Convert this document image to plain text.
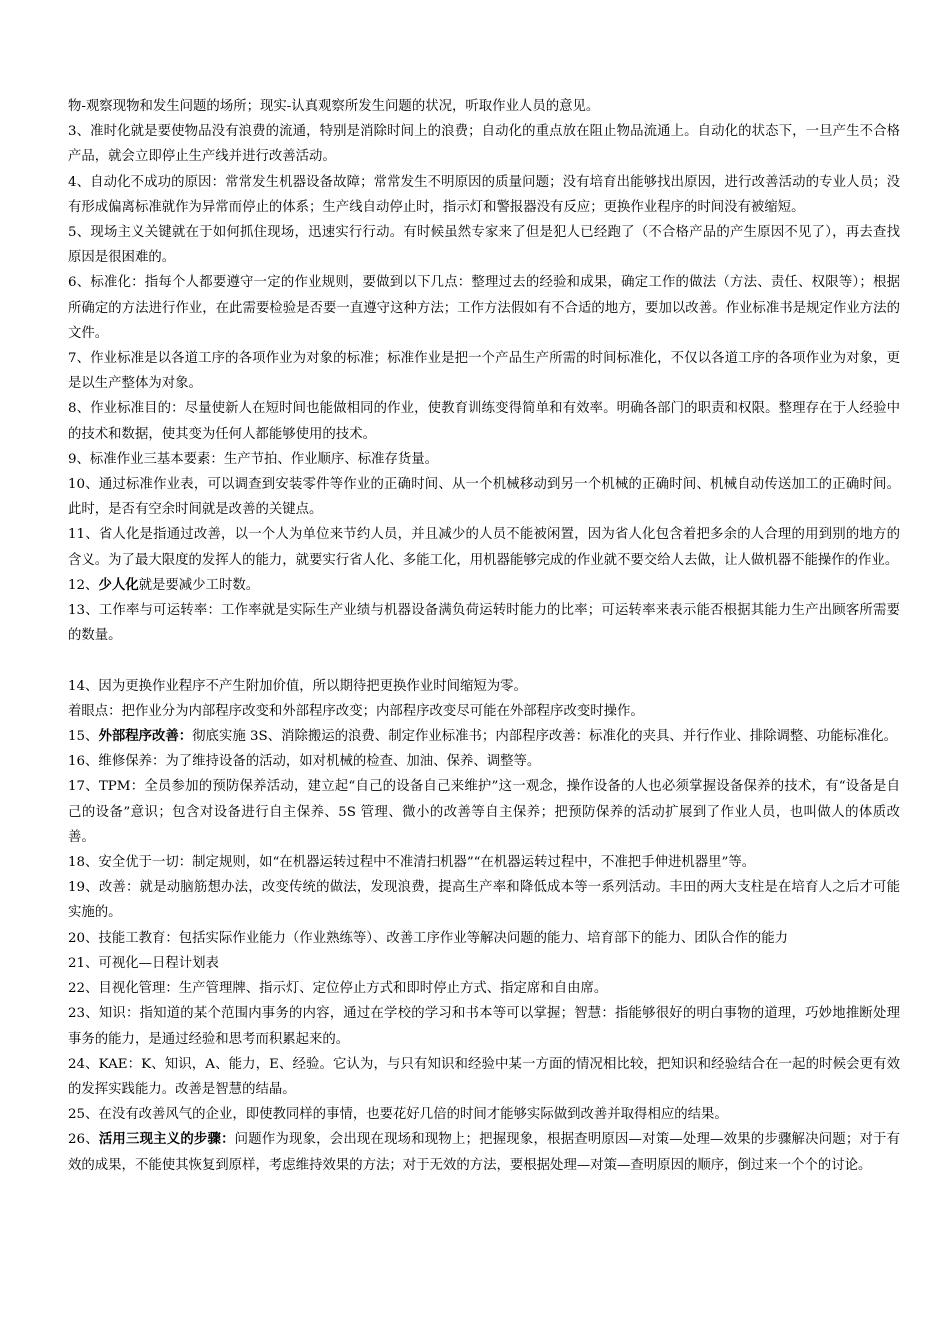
物-观察现物和发生问题的场所；现实-认真观察所发生问题的状况，听取作业人员的意见。

3、准时化就是要使物品没有浪费的流通，特别是消除时间上的浪费；自动化的重点放在阻止物品流通上。自动化的状态下，一旦产生不合格产品，就会立即停止生产线并进行改善活动。

4、自动化不成功的原因：常常发生机器设备故障；常常发生不明原因的质量问题；没有培育出能够找出原因，进行改善活动的专业人员；没有形成偏离标准就作为异常而停止的体系；生产线自动停止时，指示灯和警报器没有反应；更换作业程序的时间没有被缩短。

5、现场主义关键就在于如何抓住现场，迅速实行行动。有时候虽然专家来了但是犯人已经跑了（不合格产品的产生原因不见了），再去查找原因是很困难的。

6、标准化：指每个人都要遵守一定的作业规则，要做到以下几点：整理过去的经验和成果，确定工作的做法（方法、责任、权限等）；根据所确定的方法进行作业，在此需要检验是否要一直遵守这种方法；工作方法假如有不合适的地方，要加以改善。作业标准书是规定作业方法的文件。

7、作业标准是以各道工序的各项作业为对象的标准；标准作业是把一个产品生产所需的时间标准化，不仅以各道工序的各项作业为对象，更是以生产整体为对象。

8、作业标准目的：尽量使新人在短时间也能做相同的作业，使教育训练变得简单和有效率。明确各部门的职责和权限。整理存在于人经验中的技术和数据，使其变为任何人都能够使用的技术。

9、标准作业三基本要素：生产节拍、作业顺序、标准存货量。

10、通过标准作业表，可以调查到安装零件等作业的正确时间、从一个机械移动到另一个机械的正确时间、机械自动传送加工的正确时间。此时，是否有空余时间就是改善的关键点。

11、省人化是指通过改善，以一个人为单位来节约人员，并且减少的人员不能被闲置，因为省人化包含着把多余的人合理的用到别的地方的含义。为了最大限度的发挥人的能力，就要实行省人化、多能工化，用机器能够完成的作业就不要交给人去做，让人做机器不能操作的作业。

12、少人化就是要减少工时数。

13、工作率与可运转率：工作率就是实际生产业绩与机器设备满负荷运转时能力的比率；可运转率来表示能否根据其能力生产出顾客所需要的数量。

14、因为更换作业程序不产生附加价值，所以期待把更换作业时间缩短为零。

着眼点：把作业分为内部程序改变和外部程序改变；内部程序改变尽可能在外部程序改变时操作。

15、外部程序改善：彻底实施 3S、消除搬运的浪费、制定作业标准书；内部程序改善：标准化的夹具、并行作业、排除调整、功能标准化。

16、维修保养：为了维持设备的活动，如对机械的检查、加油、保养、调整等。

17、TPM：全员参加的预防保养活动，建立起“自己的设备自己来维护”这一观念，操作设备的人也必须掌握设备保养的技术，有“设备是自己的设备”意识；包含对设备进行自主保养、5S 管理、微小的改善等自主保养；把预防保养的活动扩展到了作业人员，也叫做人的体质改善。

18、安全优于一切：制定规则，如“在机器运转过程中不准清扫机器”“在机器运转过程中，不准把手伸进机器里”等。

19、改善：就是动脑筋想办法，改变传统的做法，发现浪费，提高生产率和降低成本等一系列活动。丰田的两大支柱是在培育人之后才可能实施的。

20、技能工教育：包括实际作业能力（作业熟练等）、改善工序作业等解决问题的能力、培育部下的能力、团队合作的能力

21、可视化—日程计划表

22、目视化管理：生产管理牌、指示灯、定位停止方式和即时停止方式、指定席和自由席。

23、知识：指知道的某个范围内事务的内容，通过在学校的学习和书本等可以掌握；智慧：指能够很好的明白事物的道理，巧妙地推断处理事务的能力，是通过经验和思考而积累起来的。

24、KAE：K、知识，A、能力，E、经验。它认为，与只有知识和经验中某一方面的情况相比较，把知识和经验结合在一起的时候会更有效的发挥实践能力。改善是智慧的结晶。

25、在没有改善风气的企业，即使教同样的事情，也要花好几倍的时间才能够实际做到改善并取得相应的结果。

26、活用三现主义的步骤：问题作为现象，会出现在现场和现物上；把握现象，根据查明原因—对策—处理—效果的步骤解决问题；对于有效的成果，不能使其恢复到原样，考虑维持效果的方法；对于无效的方法，要根据处理—对策—查明原因的顺序，倒过来一个个的讨论。
